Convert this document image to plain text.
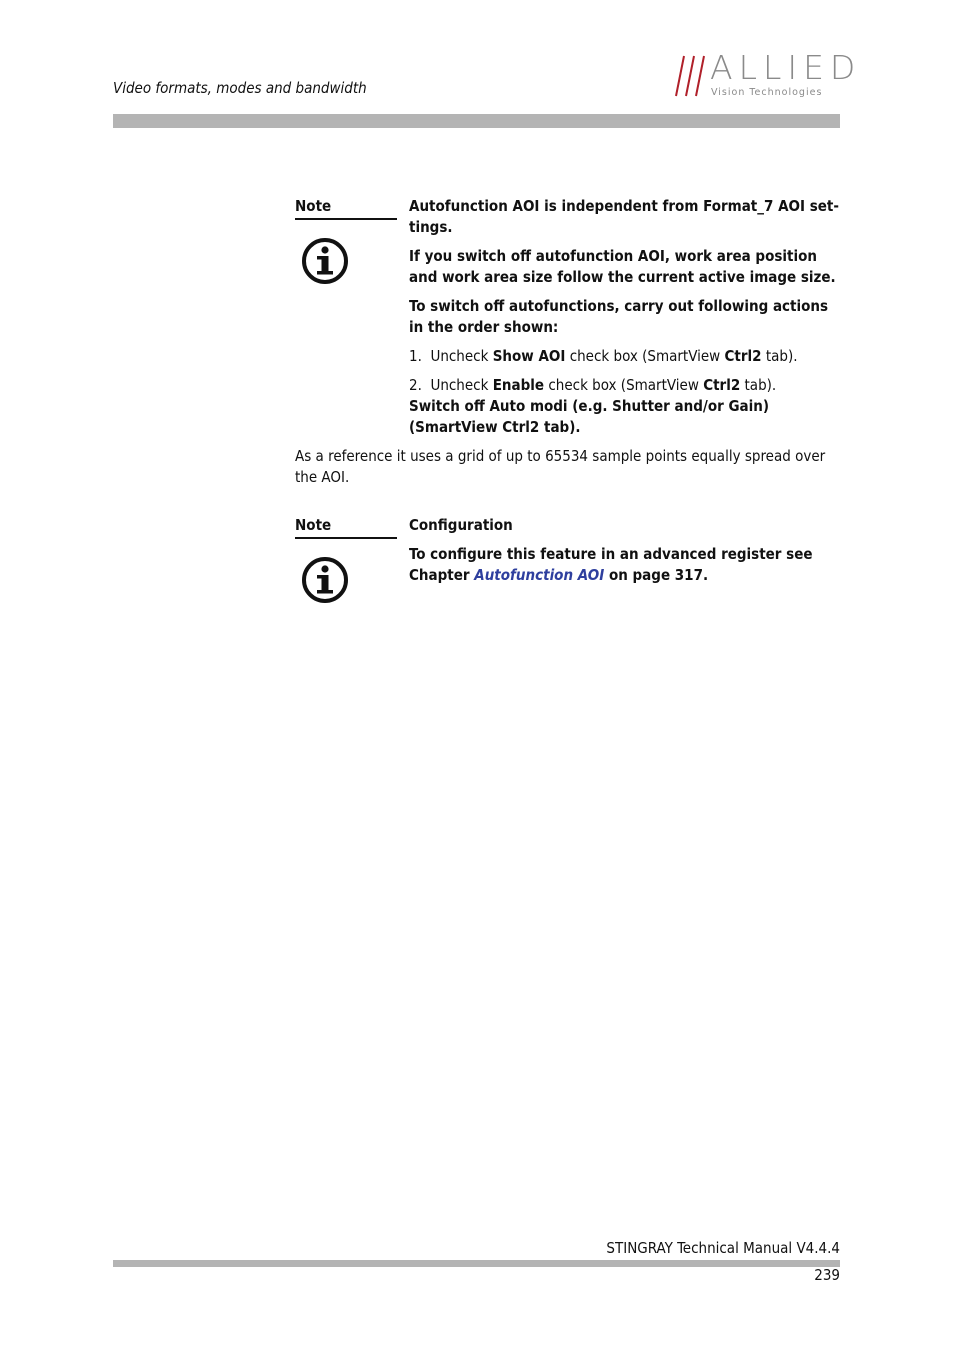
Video formats, modes and bandwidth
ALLIED
Vision Technologies
Note	Autofunction AOI is independent from Format_7 AOI set-tings.

If you switch off autofunction AOI, work area position and work area size follow the current active image size.

To switch off autofunctions, carry out following actions in the order shown:

1. Uncheck Show AOI check box (SmartView Ctrl2 tab).
2. Uncheck Enable check box (SmartView Ctrl2 tab).
Switch off Auto modi (e.g. Shutter and/or Gain) (SmartView Ctrl2 tab).

As a reference it uses a grid of up to 65534 sample points equally spread over the AOI.

Note	Configuration

To configure this feature in an advanced register see Chapter Autofunction AOI on page 317.

STINGRAY Technical Manual V4.4.4
239
